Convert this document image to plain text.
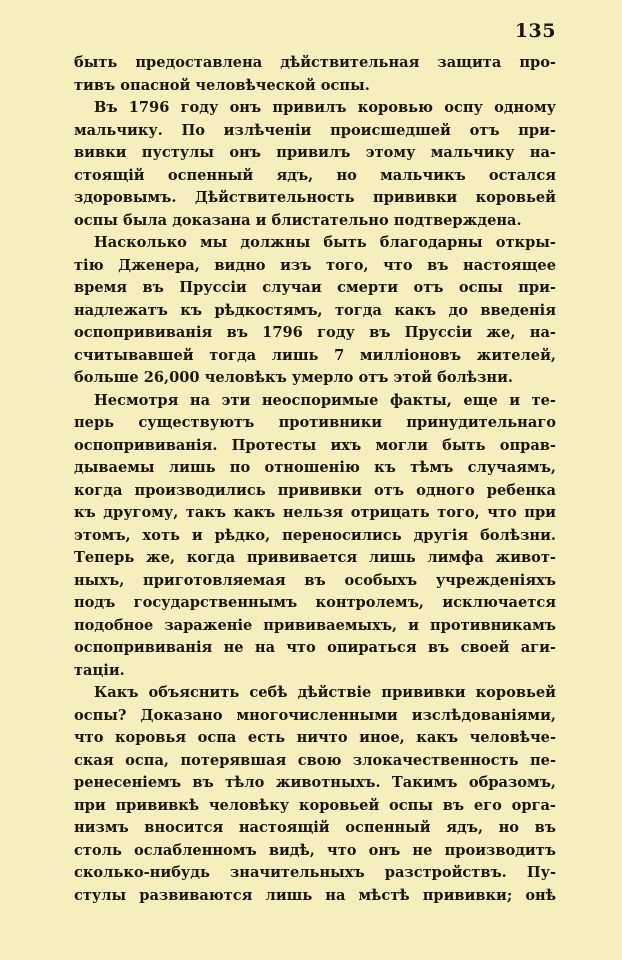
135
быть предоставлена дѣйствительная защита про-
тивъ опасной человѣческой оспы.
Въ 1796 году онъ привилъ коровью оспу одному
мальчику. По излѣченіи происшедшей отъ при-
вивки пустулы онъ привилъ этому мальчику на-
стоящій оспенный ядъ, но мальчикъ остался
здоровымъ. Дѣйствительность прививки коровьей
оспы была доказана и блистательно подтверждена.
Насколько мы должны быть благодарны откры-
тію Дженера, видно изъ того, что въ настоящее
время въ Пруссіи случаи смерти отъ оспы при-
надлежатъ къ рѣдкостямъ, тогда какъ до введенія
оспопрививанія въ 1796 году въ Пруссіи же, на-
считывавшей тогда лишь 7 милліоновъ жителей,
больше 26,000 человѣкъ умерло отъ этой болѣзни.
Несмотря на эти неоспоримые факты, еще и те-
перь существуютъ противники принудительнаго
оспопрививанія. Протесты ихъ могли быть оправ-
дываемы лишь по отношенію къ тѣмъ случаямъ,
когда производились прививки отъ одного ребенка
къ другому, такъ какъ нельзя отрицать того, что при
этомъ, хоть и рѣдко, переносились другія болѣзни.
Теперь же, когда прививается лишь лимфа живот-
ныхъ, приготовляемая въ особыхъ учрежденіяхъ
подъ государственнымъ контролемъ, исключается
подобное зараженіе прививаемыхъ, и противникамъ
оспопрививанія не на что опираться въ своей аги-
таціи.
Какъ объяснить себѣ дѣйствіе прививки коровьей
оспы? Доказано многочисленными изслѣдованіями,
что коровья оспа есть ничто иное, какъ человѣче-
ская оспа, потерявшая свою злокачественность пе-
ренесеніемъ въ тѣло животныхъ. Такимъ образомъ,
при прививкѣ человѣку коровьей оспы въ его орга-
низмъ вносится настоящій оспенный ядъ, но въ
столь ослабленномъ видѣ, что онъ не производитъ
сколько-нибудь значительныхъ разстройствъ. Пу-
стулы развиваются лишь на мѣстѣ прививки; онѣ
